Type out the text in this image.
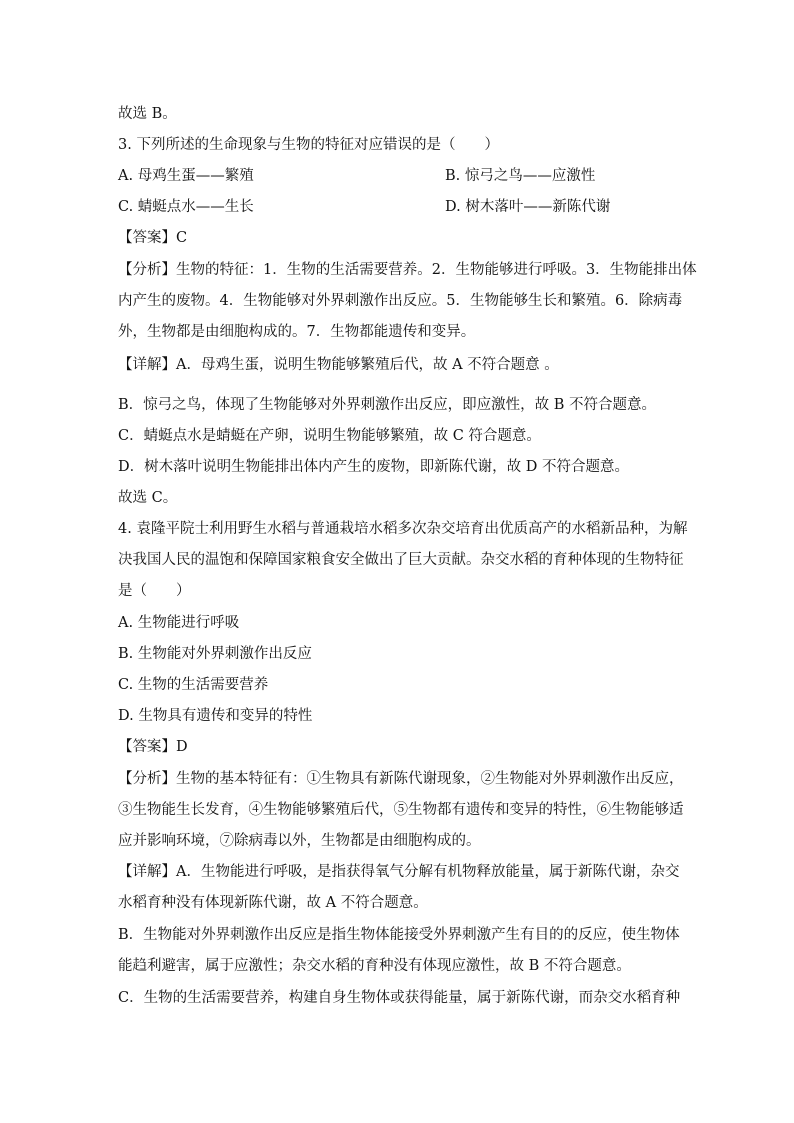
故选 B。
3. 下列所述的生命现象与生物的特征对应错误的是（　　）
A. 母鸡生蛋——繁殖	B. 惊弓之鸟——应激性
C. 蜻蜓点水——生长	D. 树木落叶——新陈代谢
【答案】C
【分析】生物的特征：1．生物的生活需要营养。2．生物能够进行呼吸。3．生物能排出体
内产生的废物。4．生物能够对外界刺激作出反应。5．生物能够生长和繁殖。6．除病毒
外，生物都是由细胞构成的。7．生物都能遗传和变异。
【详解】A．母鸡生蛋，说明生物能够繁殖后代，故 A 不符合题意 。
B．惊弓之鸟，体现了生物能够对外界刺激作出反应，即应激性，故 B 不符合题意。
C．蜻蜓点水是蜻蜓在产卵，说明生物能够繁殖，故 C 符合题意。
D．树木落叶说明生物能排出体内产生的废物，即新陈代谢，故 D 不符合题意。
故选 C。
4. 袁隆平院士利用野生水稻与普通栽培水稻多次杂交培育出优质高产的水稻新品种，为解
决我国人民的温饱和保障国家粮食安全做出了巨大贡献。杂交水稻的育种体现的生物特征
是（　　）
A. 生物能进行呼吸
B. 生物能对外界刺激作出反应
C. 生物的生活需要营养
D. 生物具有遗传和变异的特性
【答案】D
【分析】生物的基本特征有：①生物具有新陈代谢现象，②生物能对外界刺激作出反应，
③生物能生长发育，④生物能够繁殖后代，⑤生物都有遗传和变异的特性，⑥生物能够适
应并影响环境，⑦除病毒以外，生物都是由细胞构成的。
【详解】A．生物能进行呼吸，是指获得氧气分解有机物释放能量，属于新陈代谢，杂交
水稻育种没有体现新陈代谢，故 A 不符合题意。
B．生物能对外界刺激作出反应是指生物体能接受外界刺激产生有目的的反应，使生物体
能趋利避害，属于应激性；杂交水稻的育种没有体现应激性，故 B 不符合题意。
C．生物的生活需要营养，构建自身生物体或获得能量，属于新陈代谢，而杂交水稻育种
